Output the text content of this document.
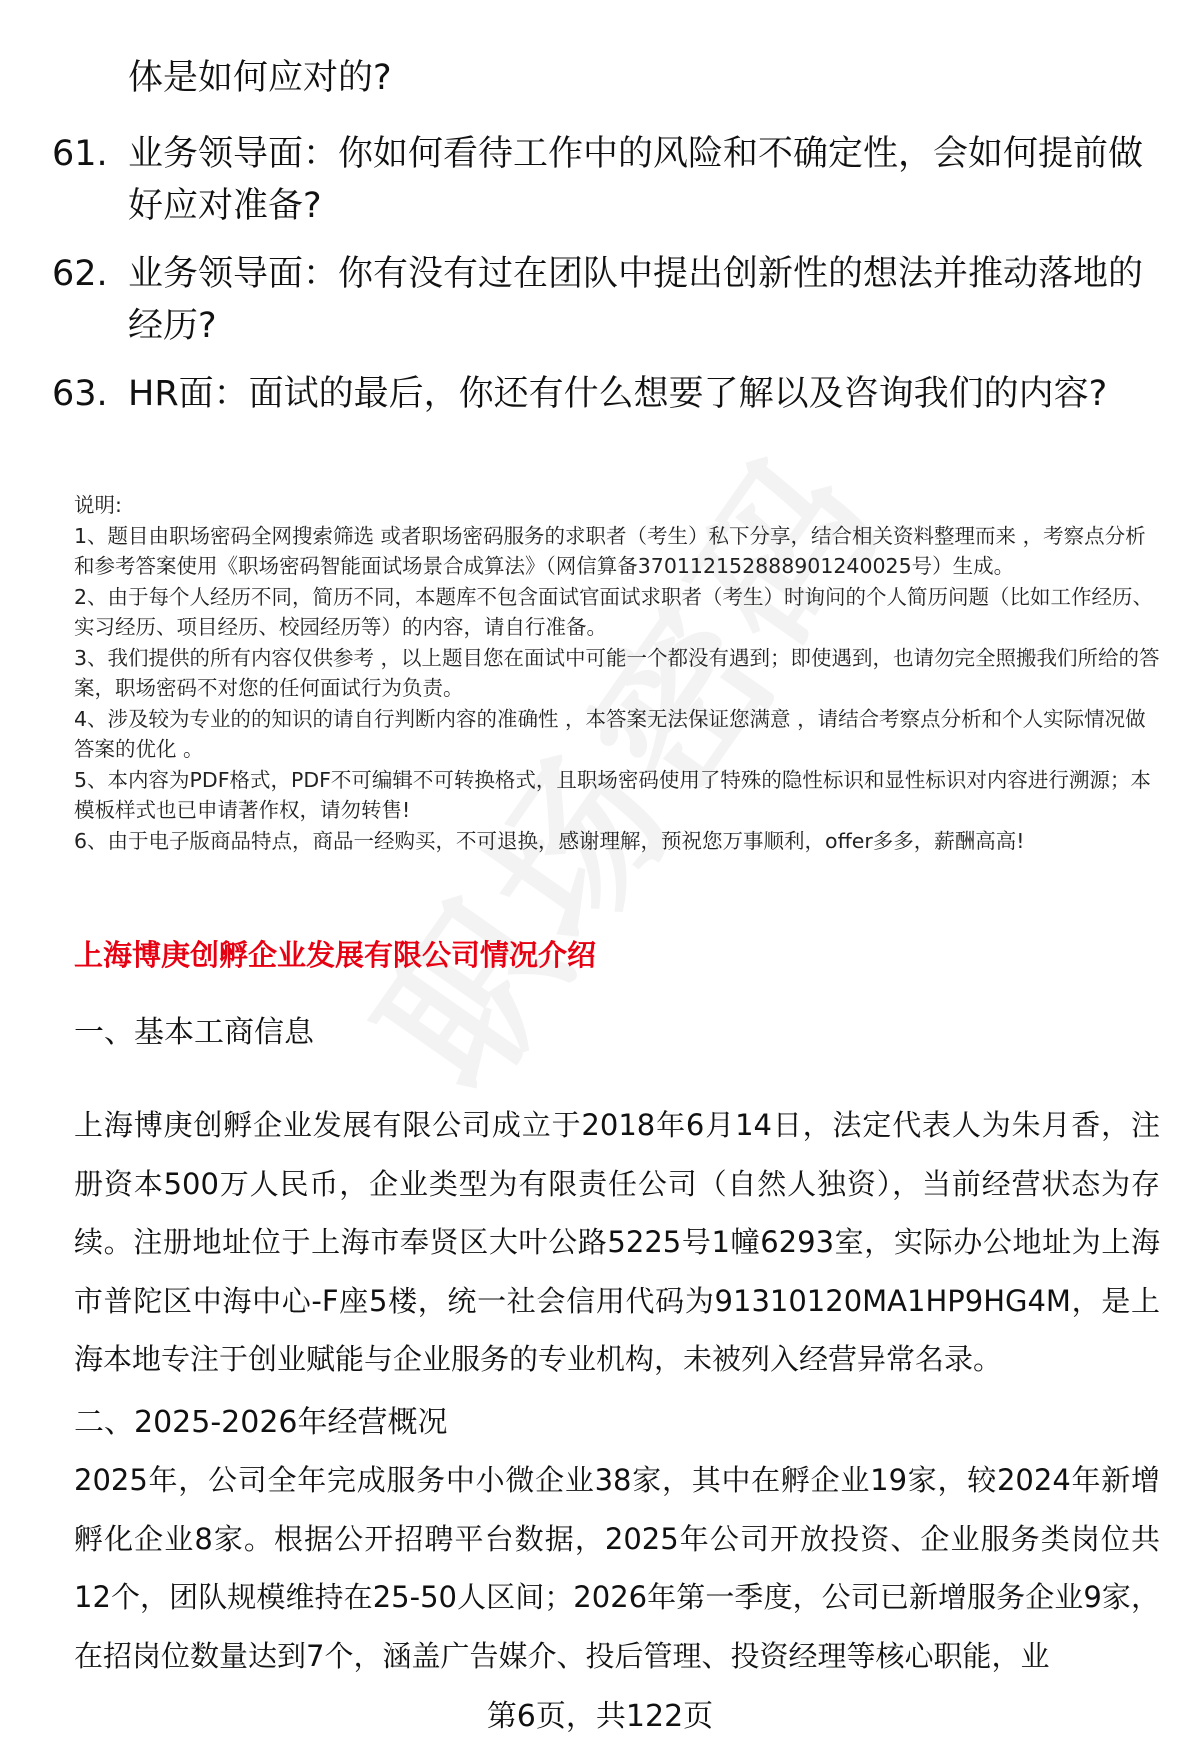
体是如何应对的?
61. 业务领导面：你如何看待工作中的风险和不确定性，会如何提前做好应对准备?
62. 业务领导面：你有没有过在团队中提出创新性的想法并推动落地的经历?
63. HR面：面试的最后，你还有什么想要了解以及咨询我们的内容?

说明:

1、题目由职场密码全网搜索筛选 或者职场密码服务的求职者（考生）私下分享，结合相关资料整理而来 ，考察点分析和参考答案使用《职场密码智能面试场景合成算法》（网信算备370112152888901240025号）生成。

2、由于每个人经历不同，简历不同，本题库不包含面试官面试求职者（考生）时询问的个人简历问题（比如工作经历、实习经历、项目经历、校园经历等）的内容，请自行准备。

3、我们提供的所有内容仅供参考 ，以上题目您在面试中可能一个都没有遇到；即使遇到，也请勿完全照搬我们所给的答案，职场密码不对您的任何面试行为负责。

4、涉及较为专业的的知识的请自行判断内容的准确性 ，本答案无法保证您满意 ，请结合考察点分析和个人实际情况做答案的优化 。

5、本内容为PDF格式，PDF不可编辑不可转换格式，且职场密码使用了特殊的隐性标识和显性标识对内容进行溯源；本模板样式也已申请著作权，请勿转售!

6、由于电子版商品特点，商品一经购买，不可退换，感谢理解，预祝您万事顺利，offer多多，薪酬高高!

上海博庚创孵企业发展有限公司情况介绍
一、基本工商信息
上海博庚创孵企业发展有限公司成立于2018年6月14日，法定代表人为朱月香，注册资本500万人民币，企业类型为有限责任公司（自然人独资），当前经营状态为存续。注册地址位于上海市奉贤区大叶公路5225号1幢6293室，实际办公地址为上海市普陀区中海中心-F座5楼，统一社会信用代码为91310120MA1HP9HG4M，是上海本地专注于创业赋能与企业服务的专业机构，未被列入经营异常名录。
二、2025-2026年经营概况
2025年，公司全年完成服务中小微企业38家，其中在孵企业19家，较2024年新增孵化企业8家。根据公开招聘平台数据，2025年公司开放投资、企业服务类岗位共12个，团队规模维持在25-50人区间；2026年第一季度，公司已新增服务企业9家，在招岗位数量达到7个，涵盖广告媒介、投后管理、投资经理等核心职能，业
第6页，共122页
